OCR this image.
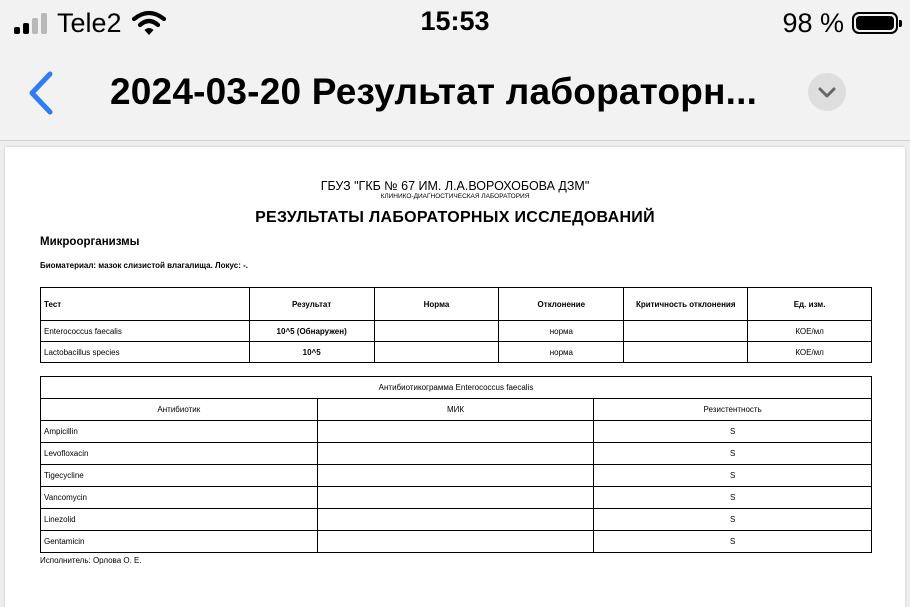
Tele2	15:53	98 %
2024-03-20 Результат лабораторн...
ГБУЗ "ГКБ № 67 ИМ. Л.А.ВОРОХОБОВА ДЗМ"
КЛИНИКО-ДИАГНОСТИЧЕСКАЯ ЛАБОРАТОРИЯ
РЕЗУЛЬТАТЫ ЛАБОРАТОРНЫХ ИССЛЕДОВАНИЙ
Микроорганизмы
Биоматериал: мазок слизистой влагалища. Локус: -.
Тест	Результат	Норма	Отклонение	Критичность отклонения	Ед. изм.
Enterococcus faecalis	10^5 (Обнаружен)		норма		КОЕ/мл
Lactobacillus species	10^5		норма		КОЕ/мл
Антибиотикограмма Enterococcus faecalis		
Антибиотик	МИК	Резистентность
Ampicillin		S
Levofloxacin		S
Tigecycline		S
Vancomycin		S
Linezolid		S
Gentamicin		S
Исполнитель: Орлова О. Е.
